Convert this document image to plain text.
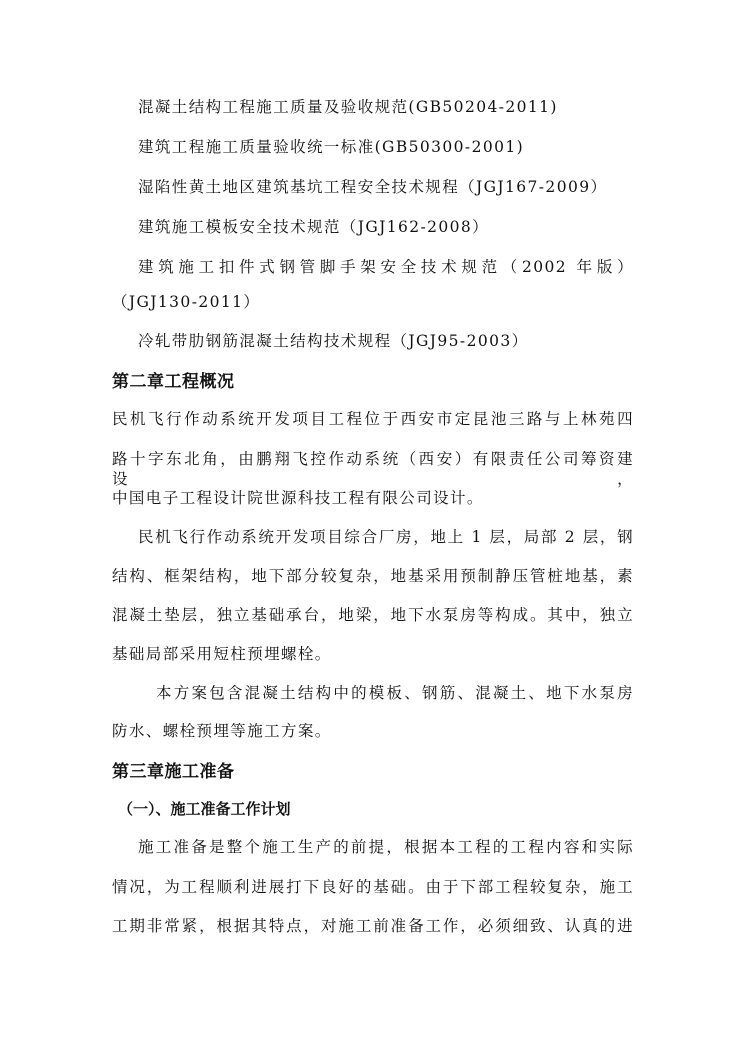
混凝土结构工程施工质量及验收规范(GB50204-2011)
建筑工程施工质量验收统一标准(GB50300-2001)
湿陷性黄土地区建筑基坑工程安全技术规程（JGJ167-2009）
建筑施工模板安全技术规范（JGJ162-2008）
建筑施工扣件式钢管脚手架安全技术规范（2002 年版）
（JGJ130-2011）
冷轧带肋钢筋混凝土结构技术规程（JGJ95-2003）
第二章工程概况
民机飞行作动系统开发项目工程位于西安市定昆池三路与上林苑四
路十字东北角，由鹏翔飞控作动系统（西安）有限责任公司筹资建设，
中国电子工程设计院世源科技工程有限公司设计。
民机飞行作动系统开发项目综合厂房，地上 1 层，局部 2 层，钢
结构、框架结构，地下部分较复杂，地基采用预制静压管桩地基，素
混凝土垫层，独立基础承台，地梁，地下水泵房等构成。其中，独立
基础局部采用短柱预埋螺栓。
本方案包含混凝土结构中的模板、钢筋、混凝土、地下水泵房
防水、螺栓预埋等施工方案。
第三章施工准备
（一）、施工准备工作计划
施工准备是整个施工生产的前提，根据本工程的工程内容和实际
情况，为工程顺利进展打下良好的基础。由于下部工程较复杂，施工
工期非常紧，根据其特点，对施工前准备工作，必须细致、认真的进
